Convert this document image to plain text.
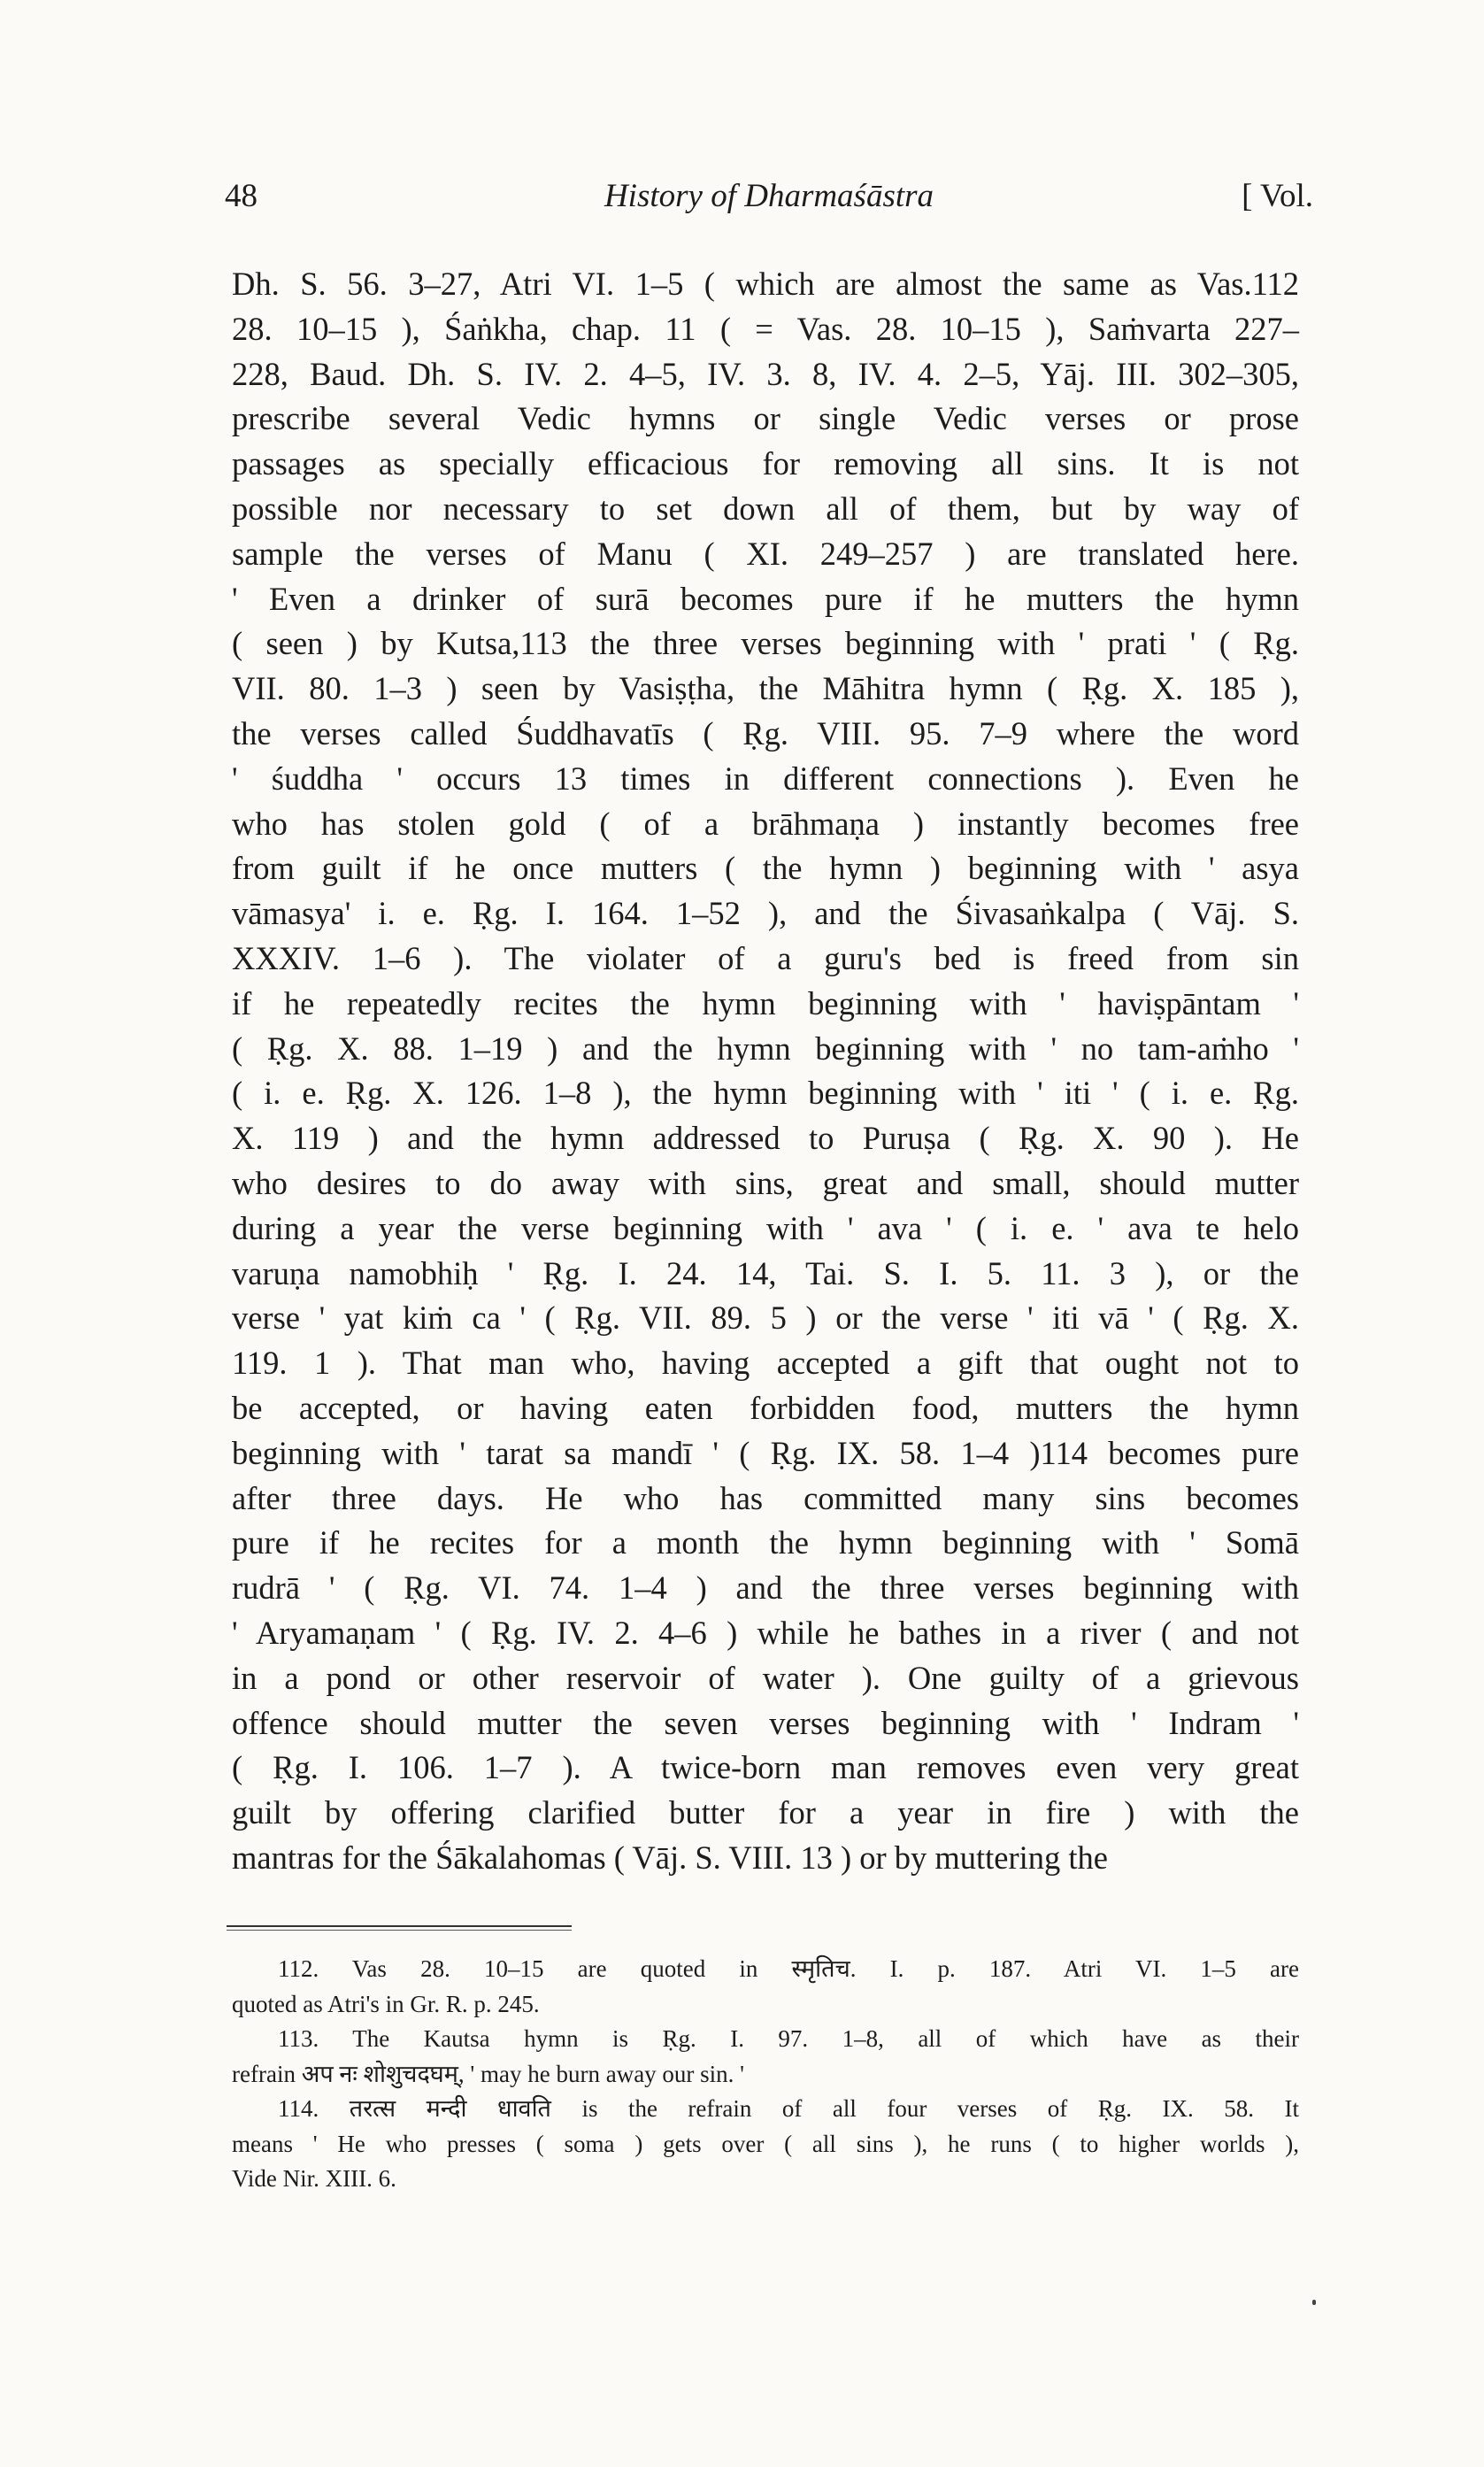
48	History of Dharmaśāstra	[ Vol.
Dh. S. 56. 3–27, Atri VI. 1–5 ( which are almost the same as Vas.112
28. 10–15 ), Śaṅkha, chap. 11 ( = Vas. 28. 10–15 ), Saṁvarta 227–
228, Baud. Dh. S. IV. 2. 4–5, IV. 3. 8, IV. 4. 2–5, Yāj. III. 302–305,
prescribe several Vedic hymns or single Vedic verses or prose
passages as specially efficacious for removing all sins. It is not
possible nor necessary to set down all of them, but by way of
sample the verses of Manu ( XI. 249–257 ) are translated here.
' Even a drinker of surā becomes pure if he mutters the hymn
( seen ) by Kutsa,113 the three verses beginning with ' prati ' ( Ṛg.
VII. 80. 1–3 ) seen by Vasiṣṭha, the Māhitra hymn ( Ṛg. X. 185 ),
the verses called Śuddhavatīs ( Ṛg. VIII. 95. 7–9 where the word
' śuddha ' occurs 13 times in different connections ). Even he
who has stolen gold ( of a brāhmaṇa ) instantly becomes free
from guilt if he once mutters ( the hymn ) beginning with ' asya
vāmasya' i. e. Ṛg. I. 164. 1–52 ), and the Śivasaṅkalpa ( Vāj. S.
XXXIV. 1–6 ). The violater of a guru's bed is freed from sin
if he repeatedly recites the hymn beginning with ' haviṣpāntam '
( Ṛg. X. 88. 1–19 ) and the hymn beginning with ' no tam-aṁho '
( i. e. Ṛg. X. 126. 1–8 ), the hymn beginning with ' iti ' ( i. e. Ṛg.
X. 119 ) and the hymn addressed to Puruṣa ( Ṛg. X. 90 ). He
who desires to do away with sins, great and small, should mutter
during a year the verse beginning with ' ava ' ( i. e. ' ava te helo
varuṇa namobhiḥ ' Ṛg. I. 24. 14, Tai. S. I. 5. 11. 3 ), or the
verse ' yat kiṁ ca ' ( Ṛg. VII. 89. 5 ) or the verse ' iti vā ' ( Ṛg. X.
119. 1 ). That man who, having accepted a gift that ought not to
be accepted, or having eaten forbidden food, mutters the hymn
beginning with ' tarat sa mandī ' ( Ṛg. IX. 58. 1–4 )114 becomes pure
after three days. He who has committed many sins becomes
pure if he recites for a month the hymn beginning with ' Somā
rudrā ' ( Ṛg. VI. 74. 1–4 ) and the three verses beginning with
' Aryamaṇam ' ( Ṛg. IV. 2. 4–6 ) while he bathes in a river ( and not
in a pond or other reservoir of water ). One guilty of a grievous
offence should mutter the seven verses beginning with ' Indram '
( Ṛg. I. 106. 1–7 ). A twice-born man removes even very great
guilt by offering clarified butter for a year in fire ) with the
mantras for the Śākalahomas ( Vāj. S. VIII. 13 ) or by muttering the
112. Vas 28. 10–15 are quoted in स्मृतिच. I. p. 187. Atri VI. 1–5 are
quoted as Atri's in Gr. R. p. 245.
113. The Kautsa hymn is Ṛg. I. 97. 1–8, all of which have as their
refrain अप नः शोशुचदघम्, ' may he burn away our sin. '
114. तरत्स मन्दी धावति is the refrain of all four verses of Ṛg. IX. 58. It
means ' He who presses ( soma ) gets over ( all sins ), he runs ( to higher worlds ),
Vide Nir. XIII. 6.
